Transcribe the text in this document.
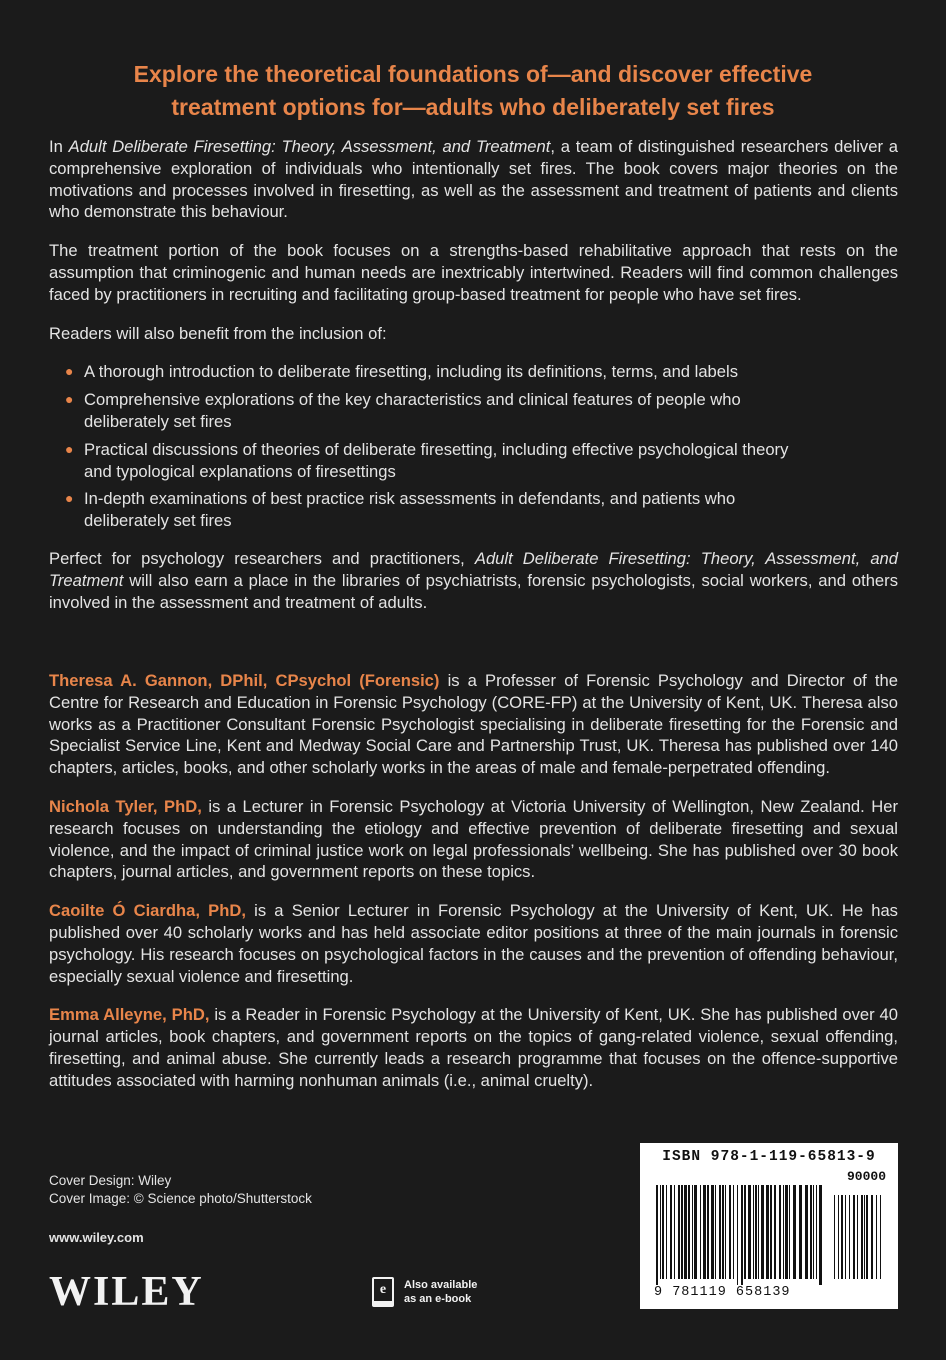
Explore the theoretical foundations of—and discover effective
treatment options for—adults who deliberately set fires

In Adult Deliberate Firesetting: Theory, Assessment, and Treatment, a team of distinguished researchers deliver a comprehensive exploration of individuals who intentionally set fires. The book covers major theories on the motivations and processes involved in firesetting, as well as the assessment and treatment of patients and clients who demonstrate this behaviour.

The treatment portion of the book focuses on a strengths-based rehabilitative approach that rests on the assumption that criminogenic and human needs are inextricably intertwined. Readers will find common challenges faced by practitioners in recruiting and facilitating group-based treatment for people who have set fires.

Readers will also benefit from the inclusion of:

● A thorough introduction to deliberate firesetting, including its definitions, terms, and labels
● Comprehensive explorations of the key characteristics and clinical features of people who deliberately set fires
● Practical discussions of theories of deliberate firesetting, including effective psychological theory and typological explanations of firesettings
● In-depth examinations of best practice risk assessments in defendants, and patients who deliberately set fires

Perfect for psychology researchers and practitioners, Adult Deliberate Firesetting: Theory, Assessment, and Treatment will also earn a place in the libraries of psychiatrists, forensic psychologists, social workers, and others involved in the assessment and treatment of adults.

Theresa A. Gannon, DPhil, CPsychol (Forensic) is a Professer of Forensic Psychology and Director of the Centre for Research and Education in Forensic Psychology (CORE-FP) at the University of Kent, UK. Theresa also works as a Practitioner Consultant Forensic Psychologist specialising in deliberate firesetting for the Forensic and Specialist Service Line, Kent and Medway Social Care and Partnership Trust, UK. Theresa has published over 140 chapters, articles, books, and other scholarly works in the areas of male and female-perpetrated offending.

Nichola Tyler, PhD, is a Lecturer in Forensic Psychology at Victoria University of Wellington, New Zealand. Her research focuses on understanding the etiology and effective prevention of deliberate firesetting and sexual violence, and the impact of criminal justice work on legal professionals’ wellbeing. She has published over 30 book chapters, journal articles, and government reports on these topics.

Caoilte Ó Ciardha, PhD, is a Senior Lecturer in Forensic Psychology at the University of Kent, UK. He has published over 40 scholarly works and has held associate editor positions at three of the main journals in forensic psychology. His research focuses on psychological factors in the causes and the prevention of offending behaviour, especially sexual violence and firesetting.

Emma Alleyne, PhD, is a Reader in Forensic Psychology at the University of Kent, UK. She has published over 40 journal articles, book chapters, and government reports on the topics of gang-related violence, sexual offending, firesetting, and animal abuse. She currently leads a research programme that focuses on the offence-supportive attitudes associated with harming nonhuman animals (i.e., animal cruelty).

Cover Design: Wiley
Cover Image: © Science photo/Shutterstock
www.wiley.com
WILEY	e	Also available
as an e-book
ISBN 978-1-119-65813-9
90000
9 781119 658139
